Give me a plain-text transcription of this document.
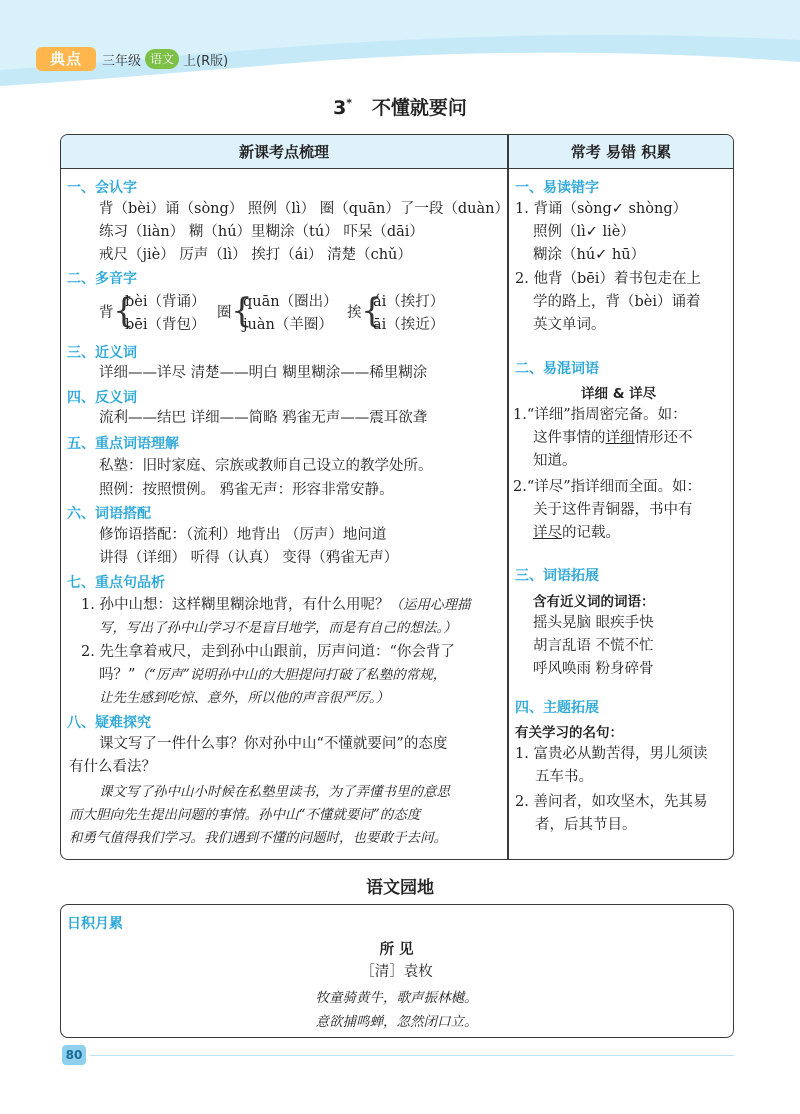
典点	三年级 语文 上(R版)
3* 不懂就要问
新课考点梳理	常考 易错 积累
一、会认字
背（bèi）诵（sòng） 照例（lì） 圈（quān）了一段（duàn）
练习（liàn） 糊（hú）里糊涂（tú） 吓呆（dāi）
戒尺（jiè） 厉声（lì） 挨打（ái） 清楚（chǔ）
二、多音字
背 {
bèi（背诵）
bēi（背包）
圈 {
quān（圈出）
juàn（羊圈）
挨 {
ái（挨打）
āi（挨近）
三、近义词
详细——详尽 清楚——明白 糊里糊涂——稀里糊涂
四、反义词
流利——结巴 详细——简略 鸦雀无声——震耳欲聋
五、重点词语理解
私塾：旧时家庭、宗族或教师自己设立的教学处所。
照例：按照惯例。 鸦雀无声：形容非常安静。
六、词语搭配
修饰语搭配：（流利）地背出 （厉声）地问道
讲得（详细） 听得（认真） 变得（鸦雀无声）
七、重点句品析
1. 孙中山想：这样糊里糊涂地背，有什么用呢？（运用心理描
写，写出了孙中山学习不是盲目地学，而是有自己的想法。）
2. 先生拿着戒尺，走到孙中山跟前，厉声问道：“你会背了
吗？”（“厉声”说明孙中山的大胆提问打破了私塾的常规，
让先生感到吃惊、意外，所以他的声音很严厉。）
八、疑难探究
课文写了一件什么事？你对孙中山“不懂就要问”的态度
有什么看法？
课文写了孙中山小时候在私塾里读书，为了弄懂书里的意思
而大胆向先生提出问题的事情。孙中山“不懂就要问”的态度
和勇气值得我们学习。我们遇到不懂的问题时，也要敢于去问。
一、易读错字
1. 背诵（sòng✓ shòng）
照例（lì✓ liè）
糊涂（hú✓ hū）
2. 他背（bēi）着书包走在上
学的路上，背（bèi）诵着
英文单词。
二、易混词语
详细 & 详尽
1.“详细”指周密完备。如：
这件事情的详细情形还不
知道。
2.“详尽”指详细而全面。如：
关于这件青铜器，书中有
详尽的记载。
三、词语拓展
含有近义词的词语：
摇头晃脑 眼疾手快
胡言乱语 不慌不忙
呼风唤雨 粉身碎骨
四、主题拓展
有关学习的名句：
1. 富贵必从勤苦得，男儿须读
五车书。
2. 善问者，如攻坚木，先其易
者，后其节目。
语文园地
日积月累
所 见
［清］袁枚
牧童骑黄牛，歌声振林樾。
意欲捕鸣蝉，忽然闭口立。
80
